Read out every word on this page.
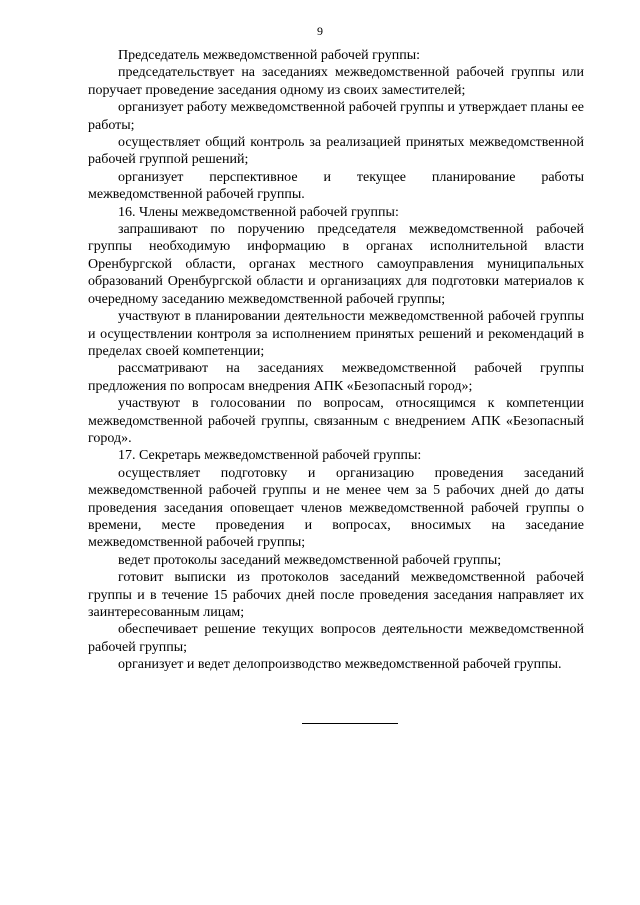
9

Председатель межведомственной рабочей группы:

председательствует на заседаниях межведомственной рабочей группы или поручает проведение заседания одному из своих заместителей;

организует работу межведомственной рабочей группы и утверждает планы ее работы;

осуществляет общий контроль за реализацией принятых межведомственной рабочей группой решений;

организует перспективное и текущее планирование работы межведомственной рабочей группы.

16. Члены межведомственной рабочей группы:

запрашивают по поручению председателя межведомственной рабочей группы необходимую информацию в органах исполнительной власти Оренбургской области, органах местного самоуправления муниципальных образований Оренбургской области и организациях для подготовки материалов к очередному заседанию межведомственной рабочей группы;

участвуют в планировании деятельности межведомственной рабочей группы и осуществлении контроля за исполнением принятых решений и рекомендаций в пределах своей компетенции;

рассматривают на заседаниях межведомственной рабочей группы предложения по вопросам внедрения АПК «Безопасный город»;

участвуют в голосовании по вопросам, относящимся к компетенции межведомственной рабочей группы, связанным с внедрением АПК «Безопасный город».

17. Секретарь межведомственной рабочей группы:

осуществляет подготовку и организацию проведения заседаний межведомственной рабочей группы и не менее чем за 5 рабочих дней до даты проведения заседания оповещает членов межведомственной рабочей группы о времени, месте проведения и вопросах, вносимых на заседание межведомственной рабочей группы;

ведет протоколы заседаний межведомственной рабочей группы;

готовит выписки из протоколов заседаний межведомственной рабочей группы и в течение 15 рабочих дней после проведения заседания направляет их заинтересованным лицам;

обеспечивает решение текущих вопросов деятельности межведомственной рабочей группы;

организует и ведет делопроизводство межведомственной рабочей группы.
